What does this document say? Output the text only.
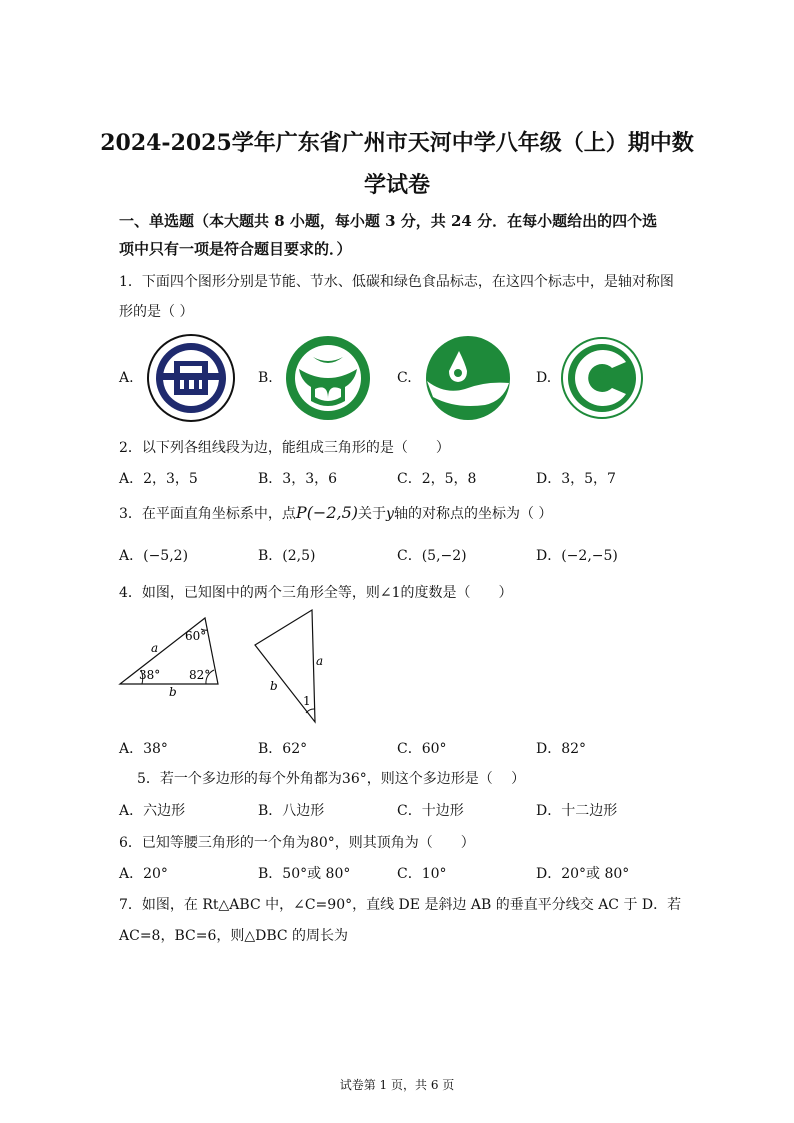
2024-2025学年广东省广州市天河中学八年级（上）期中数
学试卷
一、单选题（本大题共 8 小题，每小题 3 分，共 24 分．在每小题给出的四个选
项中只有一项是符合题目要求的．）
1．下面四个图形分别是节能、节水、低碳和绿色食品标志，在这四个标志中，是轴对称图
形的是（ ）
A.	B.	C.	D.
2．以下列各组线段为边，能组成三角形的是（　　）
A．2，3，5	B．3，3，6	C．2，5，8	D．3，5，7
3．在平面直角坐标系中，点P(−2,5)关于y轴的对称点的坐标为（ ）
A．(−5,2)	B．(2,5)	C．(5,−2)	D．(−2,−5)
4．如图，已知图中的两个三角形全等，则∠1的度数是（　　）
60°
38° 82°
a
b
a
b
1
A．38°	B．62°	C．60°	D．82°
5．若一个多边形的每个外角都为36°，则这个多边形是（　 ）
A．六边形	B．八边形	C．十边形	D．十二边形
6．已知等腰三角形的一个角为80°，则其顶角为（　　）
A．20°	B．50°或 80°	C．10°	D．20°或 80°
7．如图，在 Rt△ABC 中，∠C=90°，直线 DE 是斜边 AB 的垂直平分线交 AC 于 D．若
AC=8，BC=6，则△DBC 的周长为
试卷第 1 页，共 6 页
